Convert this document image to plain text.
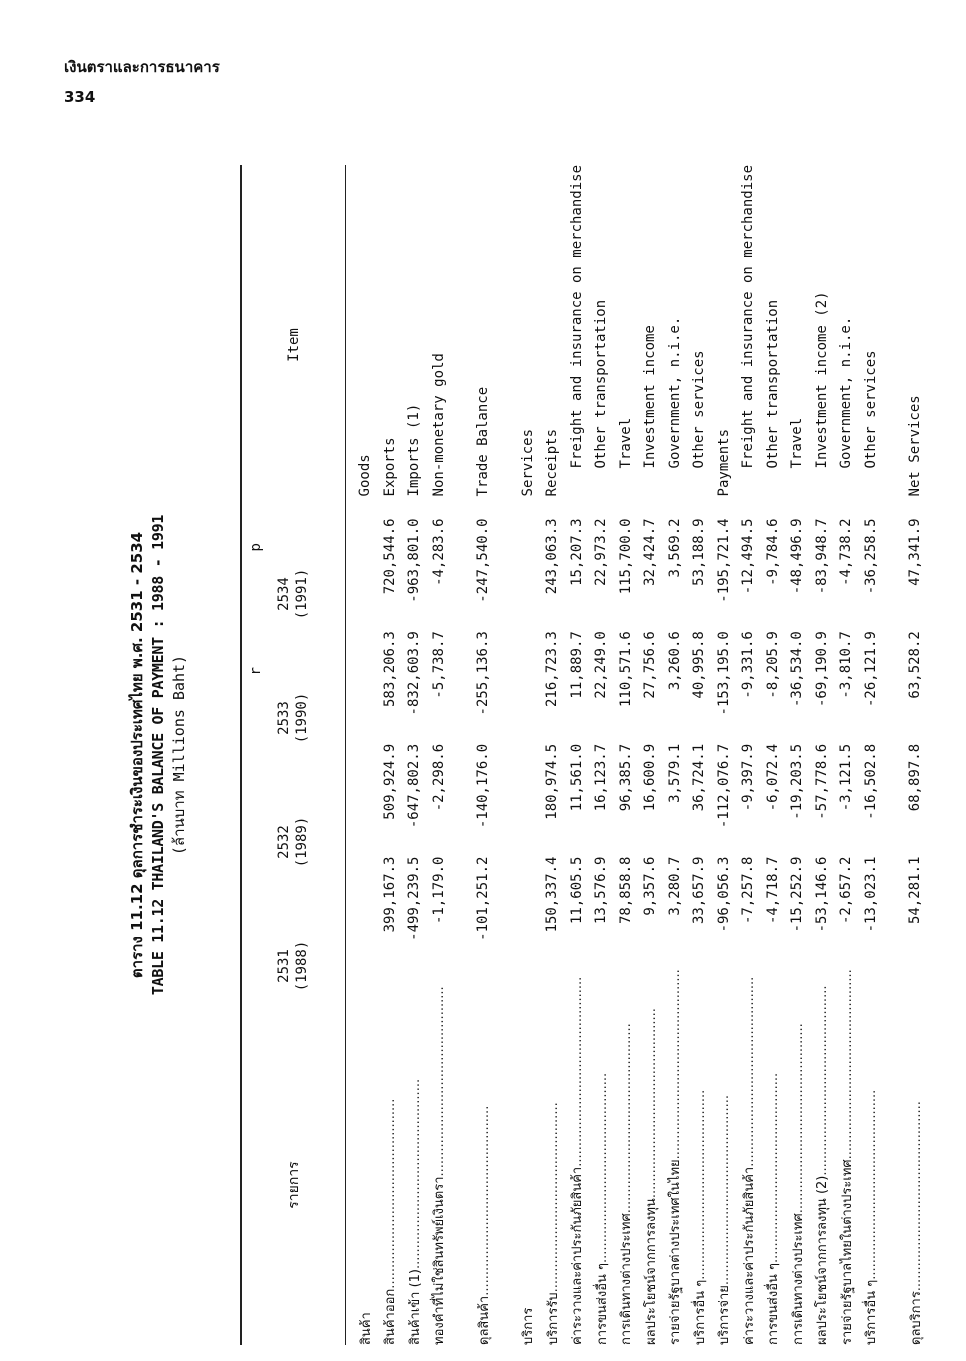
เงินตราและการธนาคาร
334
ตาราง 11.12 ดุลการชำระเงินของประเทศไทย พ.ศ. 2531 - 2534 TABLE 11.12 THAILAND'S BALANCE OF PAYMENT : 1988 - 1991 (ล้านบาท Millions Baht)
รายการ
2531 (1988)
2532 (1989)
r
2533 (1990)
p
2534 (1991)
Item
สินค้า					Goods
สินค้าออก..............................................	399,167.3	509,924.9	583,206.3	720,544.6	Exports
สินค้าเข้า (1)..............................................	-499,239.5	-647,802.3	-832,603.9	-963,801.0	Imports (1)
ทองคำที่ไม่ใช่สินทรัพย์เงินตรา..............................................	-1,179.0	-2,298.6	-5,738.7	-4,283.6	Non-monetary gold

ดุลสินค้า..............................................	-101,251.2	-140,176.0	-255,136.3	-247,540.0	Trade Balance

บริการ					Services
บริการรับ..............................................	150,337.4	180,974.5	216,723.3	243,063.3	Receipts
ค่าระวางและค่าประกันภัยสินค้า..............................................	11,605.5	11,561.0	11,889.7	15,207.3	Freight and insurance on merchandise
การขนส่งอื่น ๆ..............................................	13,576.9	16,123.7	22,249.0	22,973.2	Other transportation
การเดินทางต่างประเทศ..............................................	78,858.8	96,385.7	110,571.6	115,700.0	Travel
ผลประโยชน์จากการลงทุน..............................................	9,357.6	16,600.9	27,756.6	32,424.7	Investment income
รายจ่ายรัฐบาลต่างประเทศในไทย..............................................	3,280.7	3,579.1	3,260.6	3,569.2	Government, n.i.e.
บริการอื่น ๆ..............................................	33,657.9	36,724.1	40,995.8	53,188.9	Other services
บริการจ่าย..............................................	-96,056.3	-112,076.7	-153,195.0	-195,721.4	Payments
ค่าระวางและค่าประกันภัยสินค้า..............................................	-7,257.8	-9,397.9	-9,331.6	-12,494.5	Freight and insurance on merchandise
การขนส่งอื่น ๆ..............................................	-4,718.7	-6,072.4	-8,205.9	-9,784.6	Other transportation
การเดินทางต่างประเทศ..............................................	-15,252.9	-19,203.5	-36,534.0	-48,496.9	Travel
ผลประโยชน์จากการลงทุน (2)..............................................	-53,146.6	-57,778.6	-69,190.9	-83,948.7	Investment income (2)
รายจ่ายรัฐบาลไทยในต่างประเทศ..............................................	-2,657.2	-3,121.5	-3,810.7	-4,738.2	Government, n.i.e.
บริการอื่น ๆ..............................................	-13,023.1	-16,502.8	-26,121.9	-36,258.5	Other services

ดุลบริการ..............................................	54,281.1	68,897.8	63,528.2	47,341.9	Net Services
